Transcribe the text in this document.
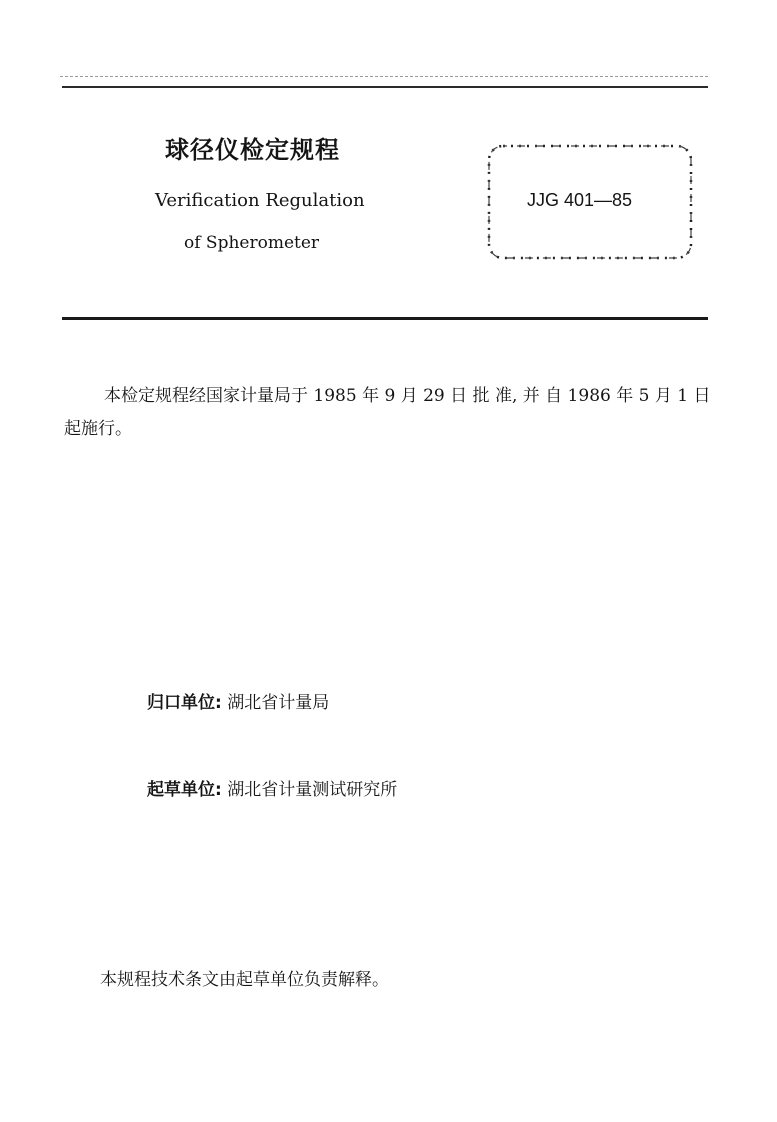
球径仪检定规程
Verification Regulation
of Spherometer
JJG 401—85
本检定规程经国家计量局于 1985 年 9 月 29 日 批 准, 并 自 1986 年 5 月 1 日起施行。
归口单位: 湖北省计量局
起草单位: 湖北省计量测试研究所
本规程技术条文由起草单位负责解释。
